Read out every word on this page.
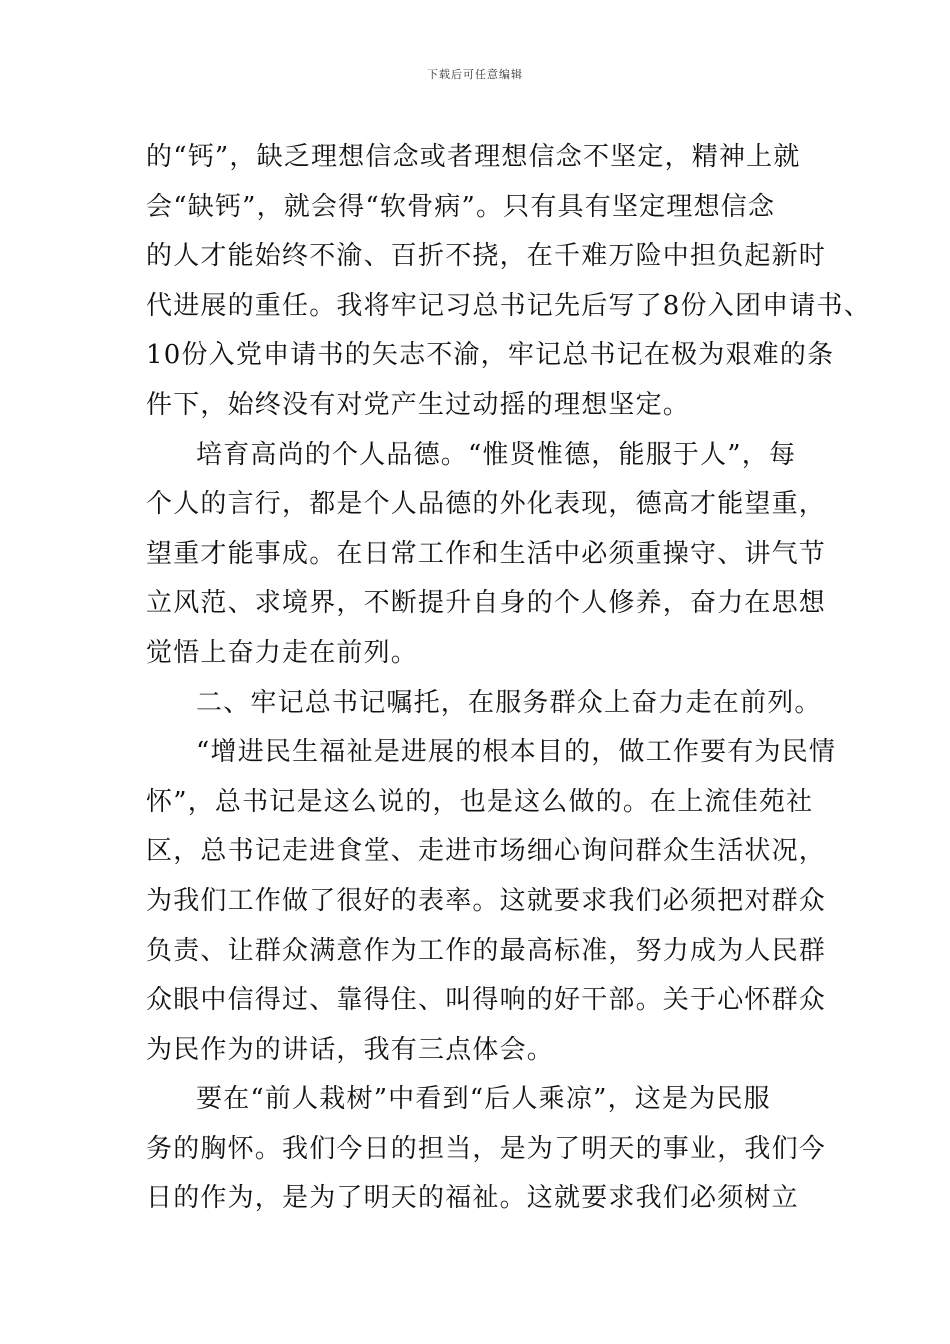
下载后可任意编辑
的“钙”，缺乏理想信念或者理想信念不坚定，精神上就
会“缺钙”，就会得“软骨病”。只有具有坚定理想信念
的人才能始终不渝、百折不挠，在千难万险中担负起新时
代进展的重任。我将牢记习总书记先后写了8份入团申请书、
10份入党申请书的矢志不渝，牢记总书记在极为艰难的条
件下，始终没有对党产生过动摇的理想坚定。
培育高尚的个人品德。“惟贤惟德，能服于人”，每
个人的言行，都是个人品德的外化表现，德高才能望重，
望重才能事成。在日常工作和生活中必须重操守、讲气节
立风范、求境界，不断提升自身的个人修养，奋力在思想
觉悟上奋力走在前列。
二、牢记总书记嘱托，在服务群众上奋力走在前列。
“增进民生福祉是进展的根本目的，做工作要有为民情
怀”，总书记是这么说的，也是这么做的。在上流佳苑社
区，总书记走进食堂、走进市场细心询问群众生活状况，
为我们工作做了很好的表率。这就要求我们必须把对群众
负责、让群众满意作为工作的最高标准，努力成为人民群
众眼中信得过、靠得住、叫得响的好干部。关于心怀群众
为民作为的讲话，我有三点体会。
要在“前人栽树”中看到“后人乘凉”，这是为民服
务的胸怀。我们今日的担当，是为了明天的事业，我们今
日的作为，是为了明天的福祉。这就要求我们必须树立
